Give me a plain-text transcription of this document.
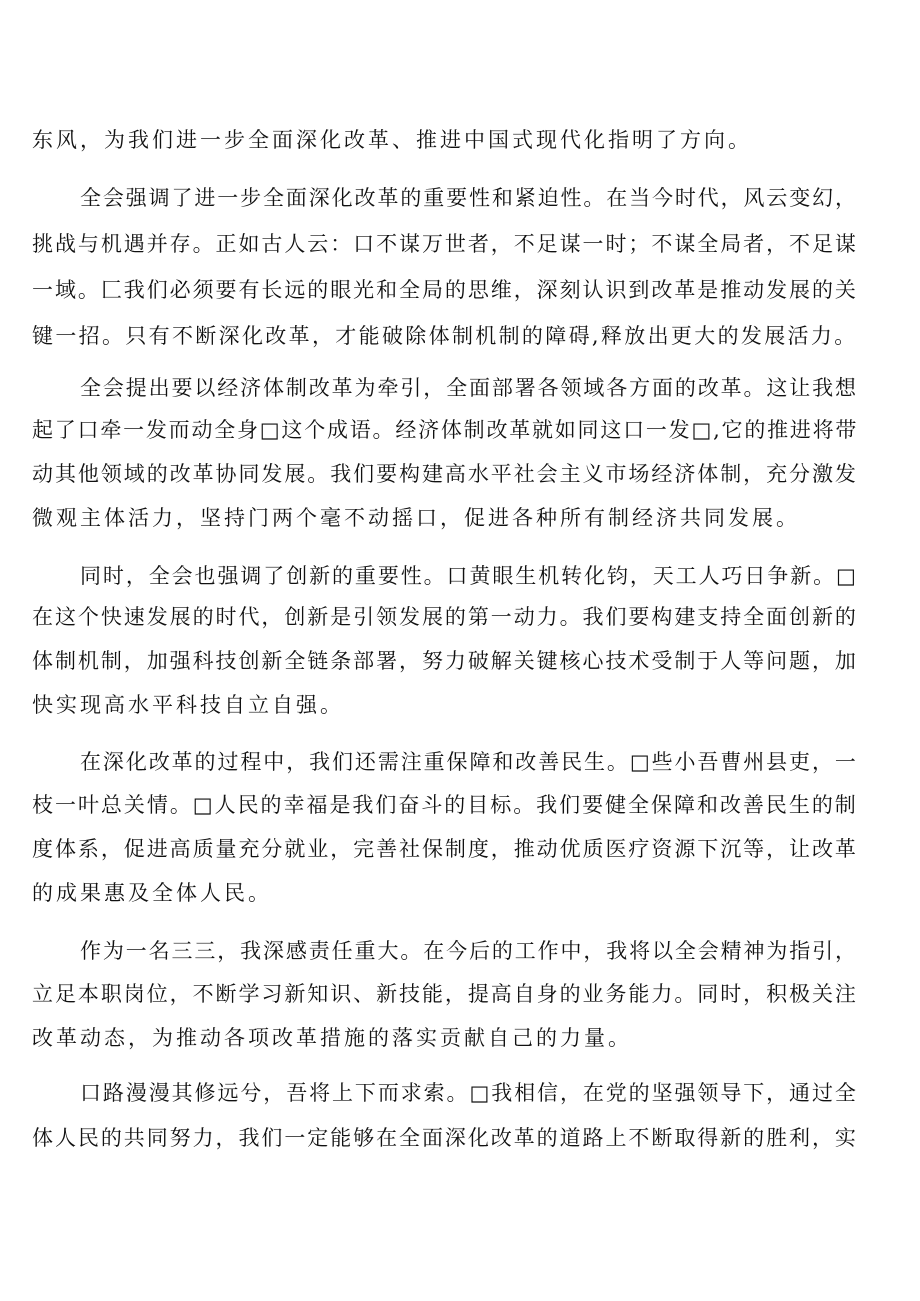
东风，为我们进一步全面深化改革、推进中国式现代化指明了方向。

全会强调了进一步全面深化改革的重要性和紧迫性。在当今时代，风云变幻，

挑战与机遇并存。正如古人云：口不谋万世者，不足谋一时；不谋全局者，不足谋

一域。匚我们必须要有长远的眼光和全局的思维，深刻认识到改革是推动发展的关

键一招。只有不断深化改革，才能破除体制机制的障碍,释放出更大的发展活力。

全会提出要以经济体制改革为牵引，全面部署各领域各方面的改革。这让我想

起了口牵一发而动全身□这个成语。经济体制改革就如同这口一发□,它的推进将带

动其他领域的改革协同发展。我们要构建高水平社会主义市场经济体制，充分激发

微观主体活力，坚持门两个毫不动摇口，促进各种所有制经济共同发展。

同时，全会也强调了创新的重要性。口黄眼生机转化钧，天工人巧日争新。□

在这个快速发展的时代，创新是引领发展的第一动力。我们要构建支持全面创新的

体制机制，加强科技创新全链条部署，努力破解关键核心技术受制于人等问题，加

快实现高水平科技自立自强。

在深化改革的过程中，我们还需注重保障和改善民生。□些小吾曹州县吏，一

枝一叶总关情。□人民的幸福是我们奋斗的目标。我们要健全保障和改善民生的制

度体系，促进高质量充分就业，完善社保制度，推动优质医疗资源下沉等，让改革

的成果惠及全体人民。

作为一名三三，我深感责任重大。在今后的工作中，我将以全会精神为指引，

立足本职岗位，不断学习新知识、新技能，提高自身的业务能力。同时，积极关注

改革动态，为推动各项改革措施的落实贡献自己的力量。

口路漫漫其修远兮，吾将上下而求索。□我相信，在党的坚强领导下，通过全

体人民的共同努力，我们一定能够在全面深化改革的道路上不断取得新的胜利，实
